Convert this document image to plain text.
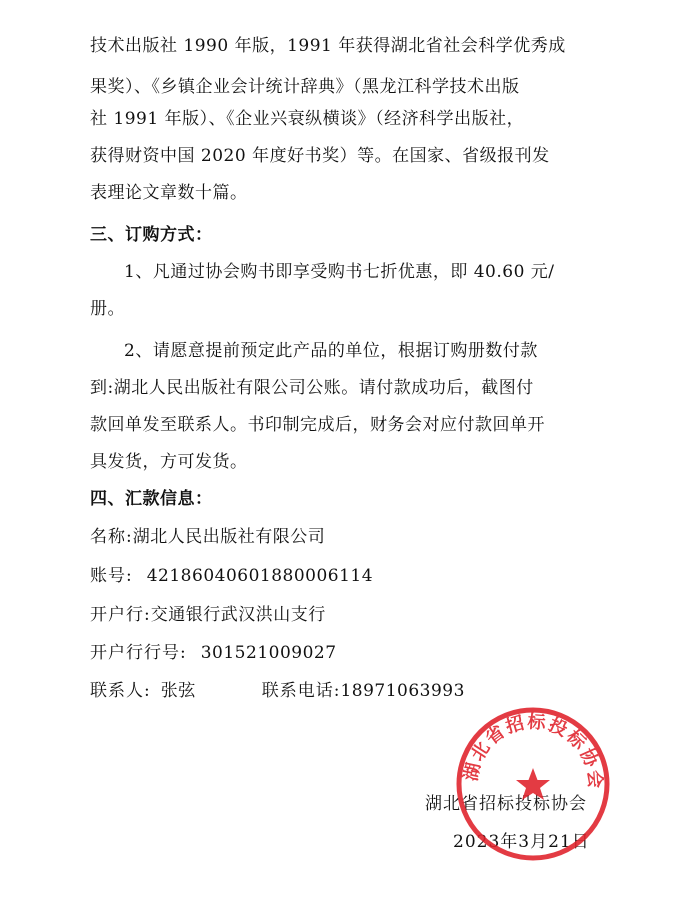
技术出版社 1990 年版，1991 年获得湖北省社会科学优秀成
果奖）、《乡镇企业会计统计辞典》（黑龙江科学技术出版
社 1991 年版）、《企业兴衰纵横谈》（经济科学出版社，
获得财资中国 2020 年度好书奖）等。在国家、省级报刊发
表理论文章数十篇。
三、订购方式：
1、凡通过协会购书即享受购书七折优惠，即 40.60 元/
册。
2、请愿意提前预定此产品的单位，根据订购册数付款
到:湖北人民出版社有限公司公账。请付款成功后，截图付
款回单发至联系人。书印制完成后，财务会对应付款回单开
具发货，方可发货。
四、汇款信息：
名称:湖北人民出版社有限公司
账号: 42186040601880006114
开户行:交通银行武汉洪山支行
开户行行号: 301521009027
联系人: 张弦	联系电话:18971063993
湖北省招标投标协会
2023年3月21日
湖北省招标投标协会
